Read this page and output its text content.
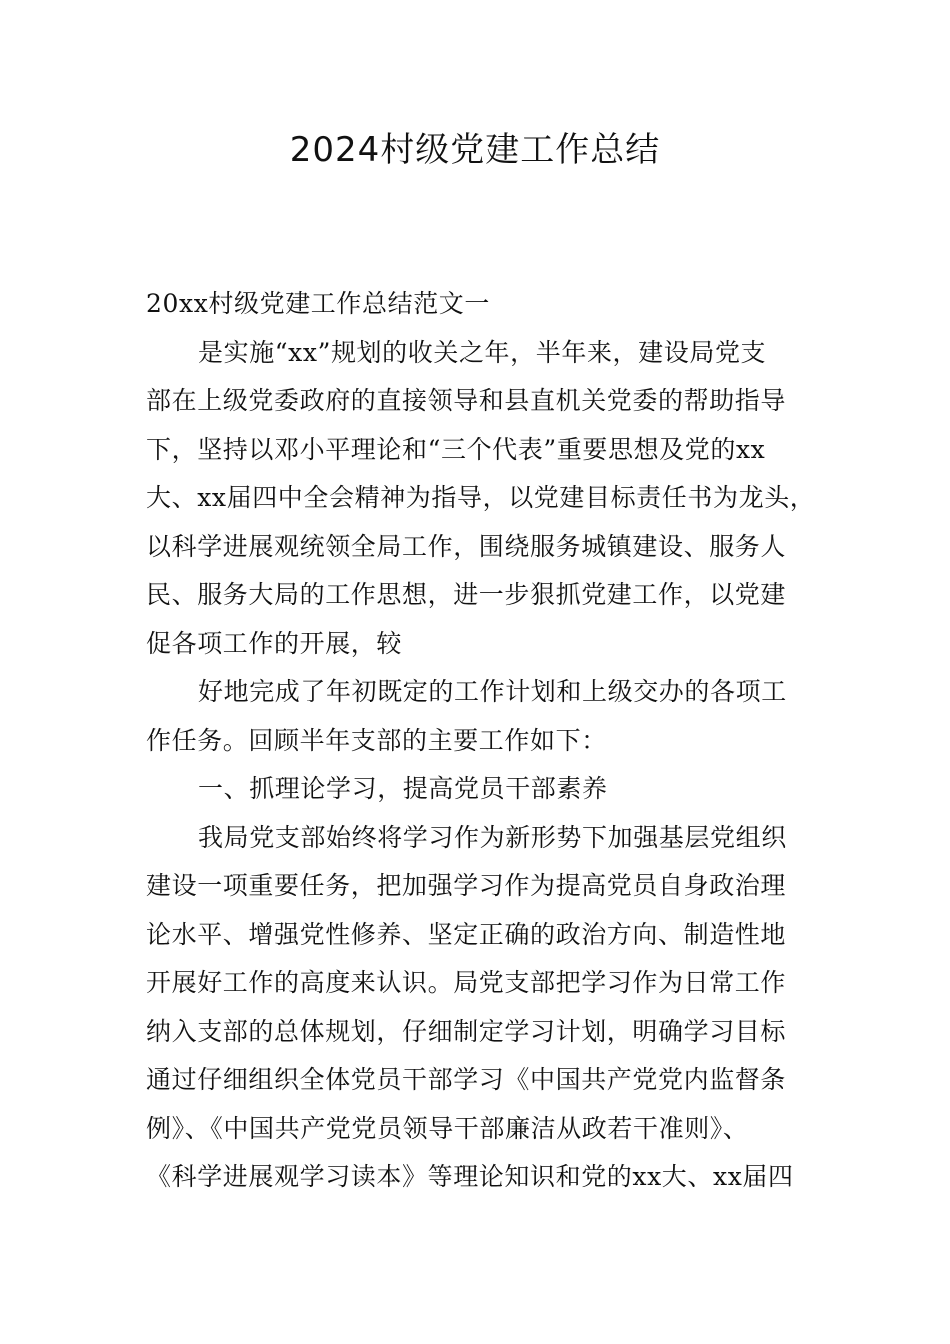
2024村级党建工作总结
20xx村级党建工作总结范文一
是实施“xx”规划的收关之年，半年来，建设局党支
部在上级党委政府的直接领导和县直机关党委的帮助指导
下，坚持以邓小平理论和“三个代表”重要思想及党的xx
大、xx届四中全会精神为指导，以党建目标责任书为龙头，
以科学进展观统领全局工作，围绕服务城镇建设、服务人
民、服务大局的工作思想，进一步狠抓党建工作，以党建
促各项工作的开展，较
好地完成了年初既定的工作计划和上级交办的各项工
作任务。回顾半年支部的主要工作如下：
一、抓理论学习，提高党员干部素养
我局党支部始终将学习作为新形势下加强基层党组织
建设一项重要任务，把加强学习作为提高党员自身政治理
论水平、增强党性修养、坚定正确的政治方向、制造性地
开展好工作的高度来认识。局党支部把学习作为日常工作
纳入支部的总体规划，仔细制定学习计划，明确学习目标
通过仔细组织全体党员干部学习《中国共产党党内监督条
例》、《中国共产党党员领导干部廉洁从政若干准则》、
《科学进展观学习读本》等理论知识和党的xx大、xx届四
